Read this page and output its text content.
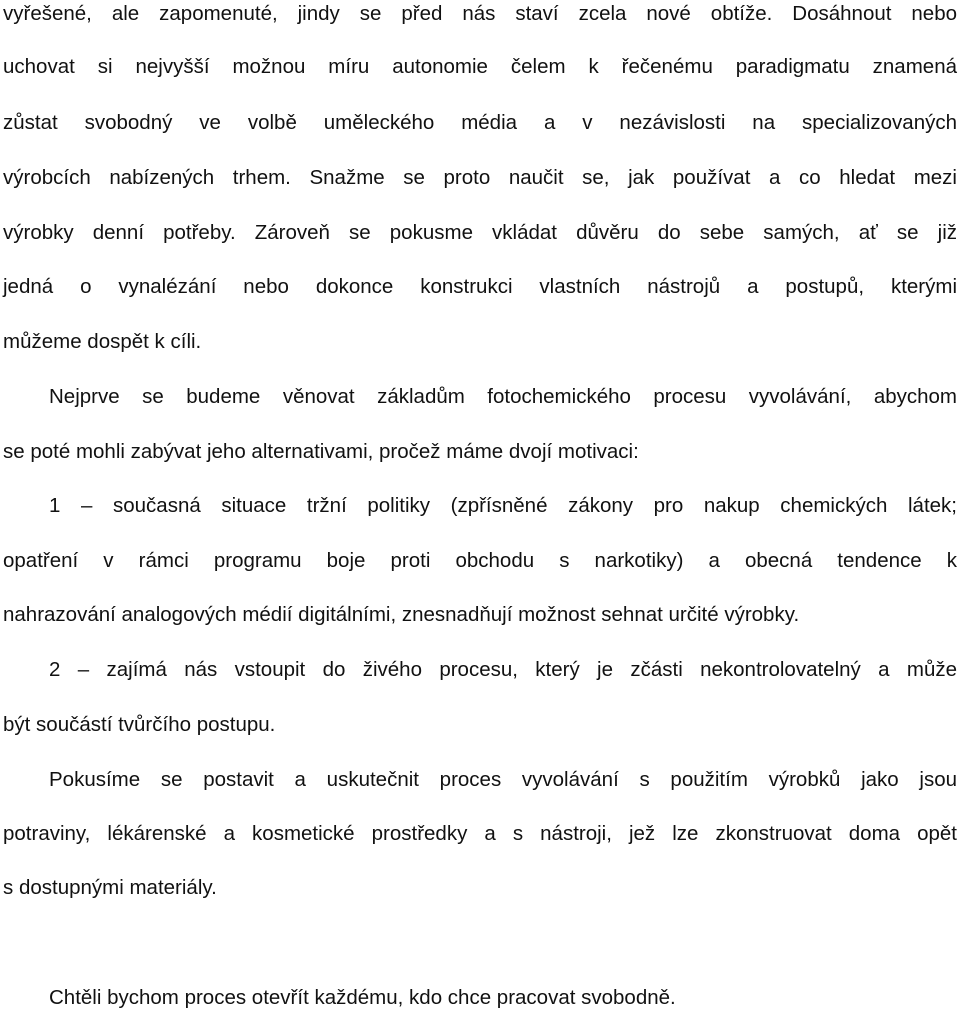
vyřešené, ale zapomenuté, jindy se před nás staví zcela nové obtíže. Dosáhnout nebo
uchovat si nejvyšší možnou míru autonomie čelem k řečenému paradigmatu znamená
zůstat svobodný ve volbě uměleckého média a v nezávislosti na specializovaných
výrobcích nabízených trhem. Snažme se proto naučit se, jak používat a co hledat mezi
výrobky denní potřeby. Zároveň se pokusme vkládat důvěru do sebe samých, ať se již
jedná o vynalézání nebo dokonce konstrukci vlastních nástrojů a postupů, kterými
můžeme dospět k cíli.
Nejprve se budeme věnovat základům fotochemického procesu vyvolávání, abychom
se poté mohli zabývat jeho alternativami, pročež máme dvojí motivaci:
1 – současná situace tržní politiky (zpřísněné zákony pro nakup chemických látek;
opatření v rámci programu boje proti obchodu s narkotiky) a obecná tendence k
nahrazování analogových médií digitálními, znesnadňují možnost sehnat určité výrobky.
2 – zajímá nás vstoupit do živého procesu, který je zčásti nekontrolovatelný a může
být součástí tvůrčího postupu.
Pokusíme se postavit a uskutečnit proces vyvolávání s použitím výrobků jako jsou
potraviny, lékárenské a kosmetické prostředky a s nástroji, jež lze zkonstruovat doma opět
s dostupnými materiály.
Chtěli bychom proces otevřít každému, kdo chce pracovat svobodně.
